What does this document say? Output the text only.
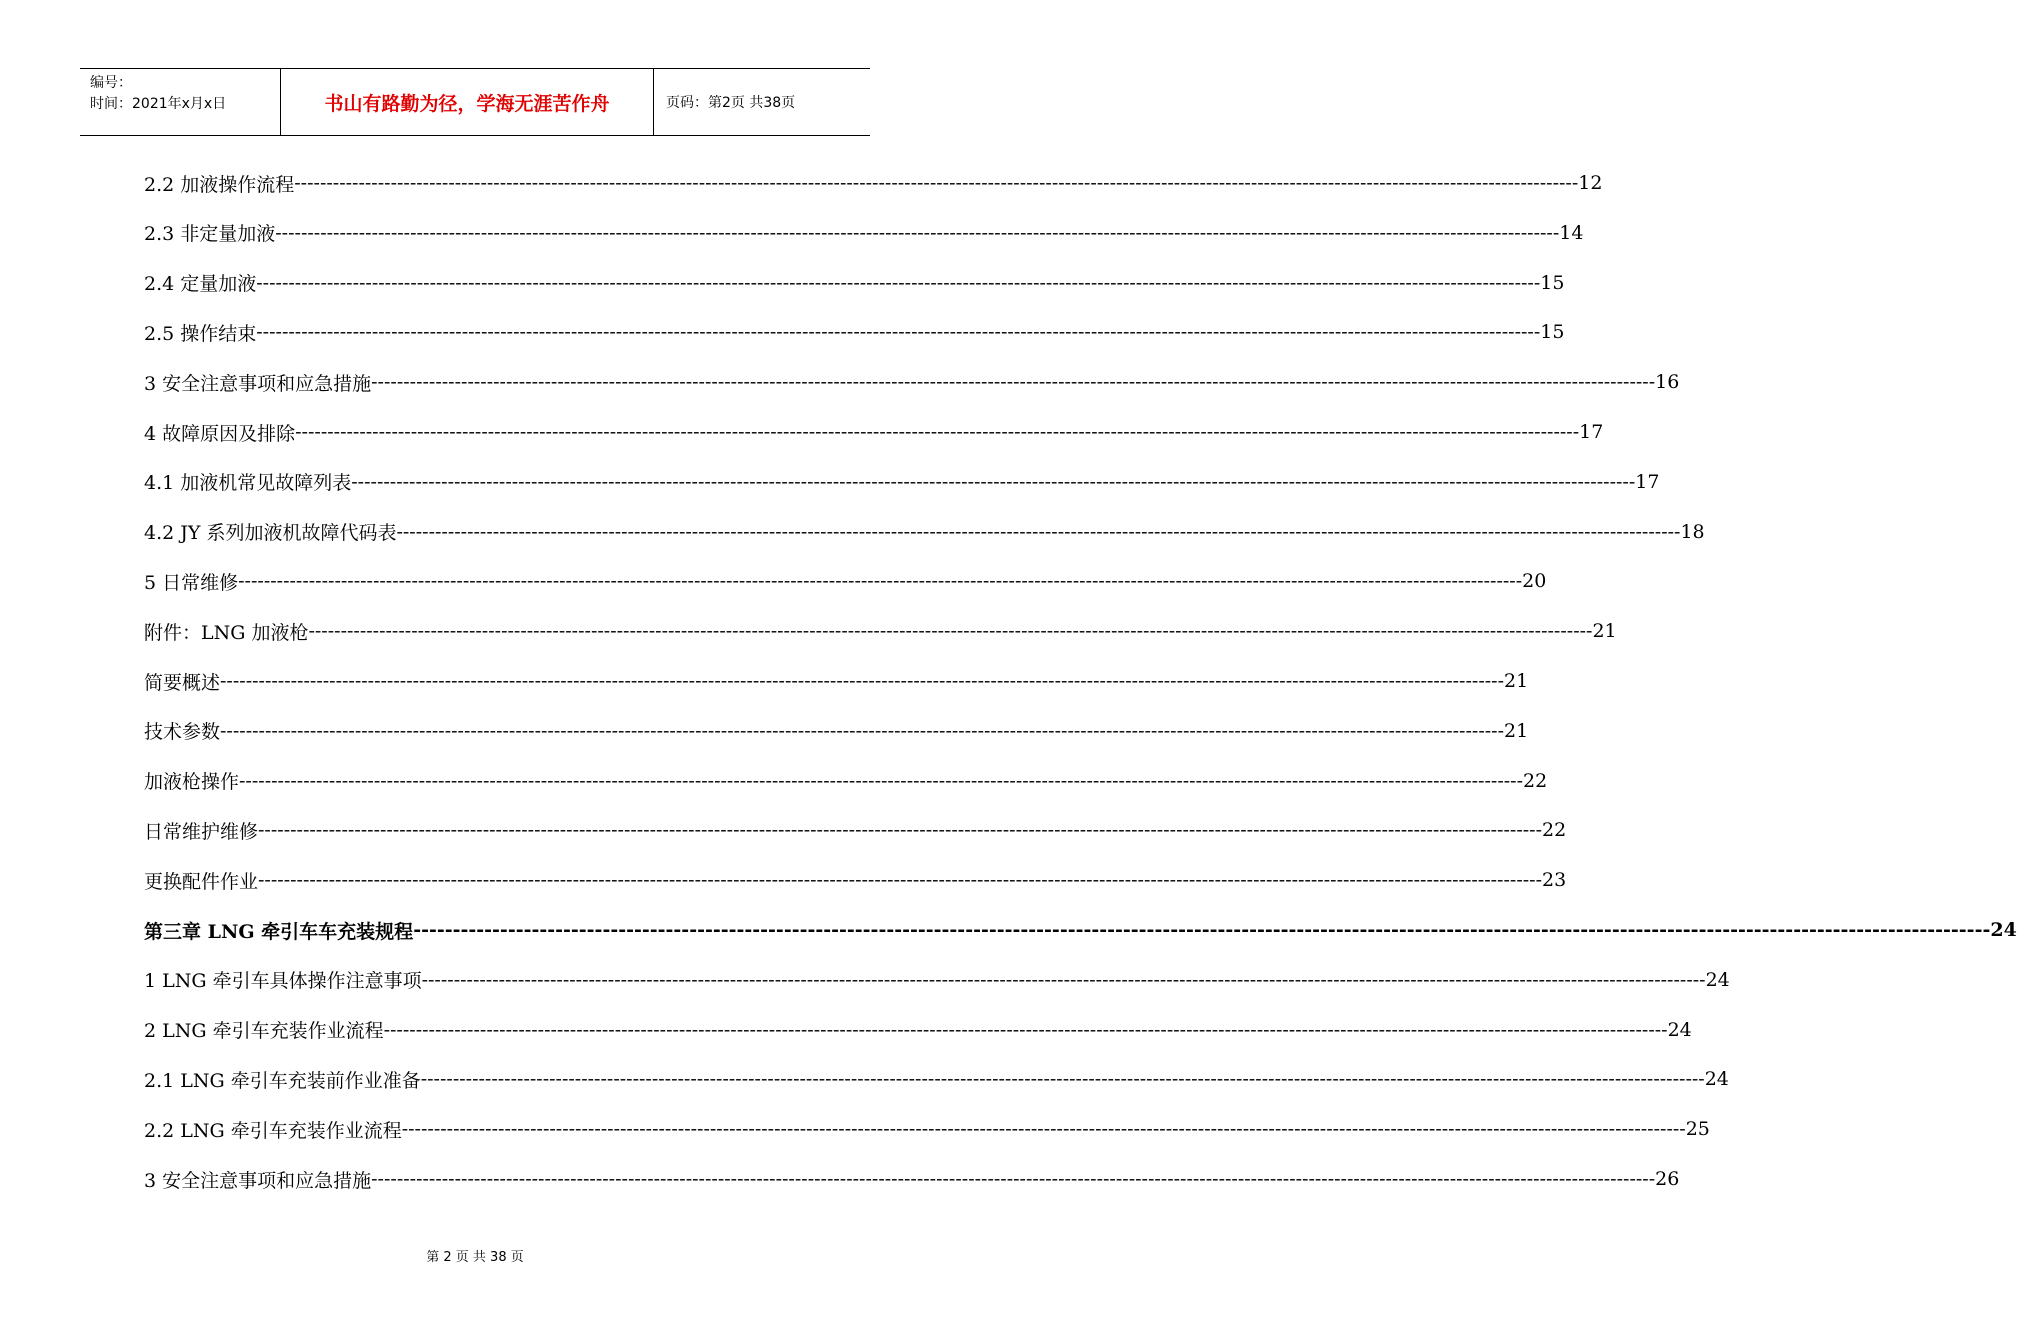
编号：
时间：2021年x月x日	书山有路勤为径，学海无涯苦作舟	页码：第2页 共38页
2.2 加液操作流程 -------------------------------------------------------------------------------------------------------------------------------------------------------------------------------------------------------- 12
2.3 非定量加液 -------------------------------------------------------------------------------------------------------------------------------------------------------------------------------------------------------- 14
2.4 定量加液 -------------------------------------------------------------------------------------------------------------------------------------------------------------------------------------------------------- 15
2.5 操作结束 -------------------------------------------------------------------------------------------------------------------------------------------------------------------------------------------------------- 15
3 安全注意事项和应急措施 -------------------------------------------------------------------------------------------------------------------------------------------------------------------------------------------------------- 16
4 故障原因及排除 -------------------------------------------------------------------------------------------------------------------------------------------------------------------------------------------------------- 17
4.1 加液机常见故障列表 -------------------------------------------------------------------------------------------------------------------------------------------------------------------------------------------------------- 17
4.2 JY 系列加液机故障代码表 -------------------------------------------------------------------------------------------------------------------------------------------------------------------------------------------------------- 18
5 日常维修 -------------------------------------------------------------------------------------------------------------------------------------------------------------------------------------------------------- 20
附件：LNG 加液枪 -------------------------------------------------------------------------------------------------------------------------------------------------------------------------------------------------------- 21
简要概述 -------------------------------------------------------------------------------------------------------------------------------------------------------------------------------------------------------- 21
技术参数 -------------------------------------------------------------------------------------------------------------------------------------------------------------------------------------------------------- 21
加液枪操作 -------------------------------------------------------------------------------------------------------------------------------------------------------------------------------------------------------- 22
日常维护维修 -------------------------------------------------------------------------------------------------------------------------------------------------------------------------------------------------------- 22
更换配件作业 -------------------------------------------------------------------------------------------------------------------------------------------------------------------------------------------------------- 23
第三章 LNG 牵引车车充装规程 -------------------------------------------------------------------------------------------------------------------------------------------------------------------------------------------------------- 24
1 LNG 牵引车具体操作注意事项 -------------------------------------------------------------------------------------------------------------------------------------------------------------------------------------------------------- 24
2 LNG 牵引车充装作业流程 -------------------------------------------------------------------------------------------------------------------------------------------------------------------------------------------------------- 24
2.1 LNG 牵引车充装前作业准备 -------------------------------------------------------------------------------------------------------------------------------------------------------------------------------------------------------- 24
2.2 LNG 牵引车充装作业流程 -------------------------------------------------------------------------------------------------------------------------------------------------------------------------------------------------------- 25
3 安全注意事项和应急措施 -------------------------------------------------------------------------------------------------------------------------------------------------------------------------------------------------------- 26
第 2 页 共 38 页
